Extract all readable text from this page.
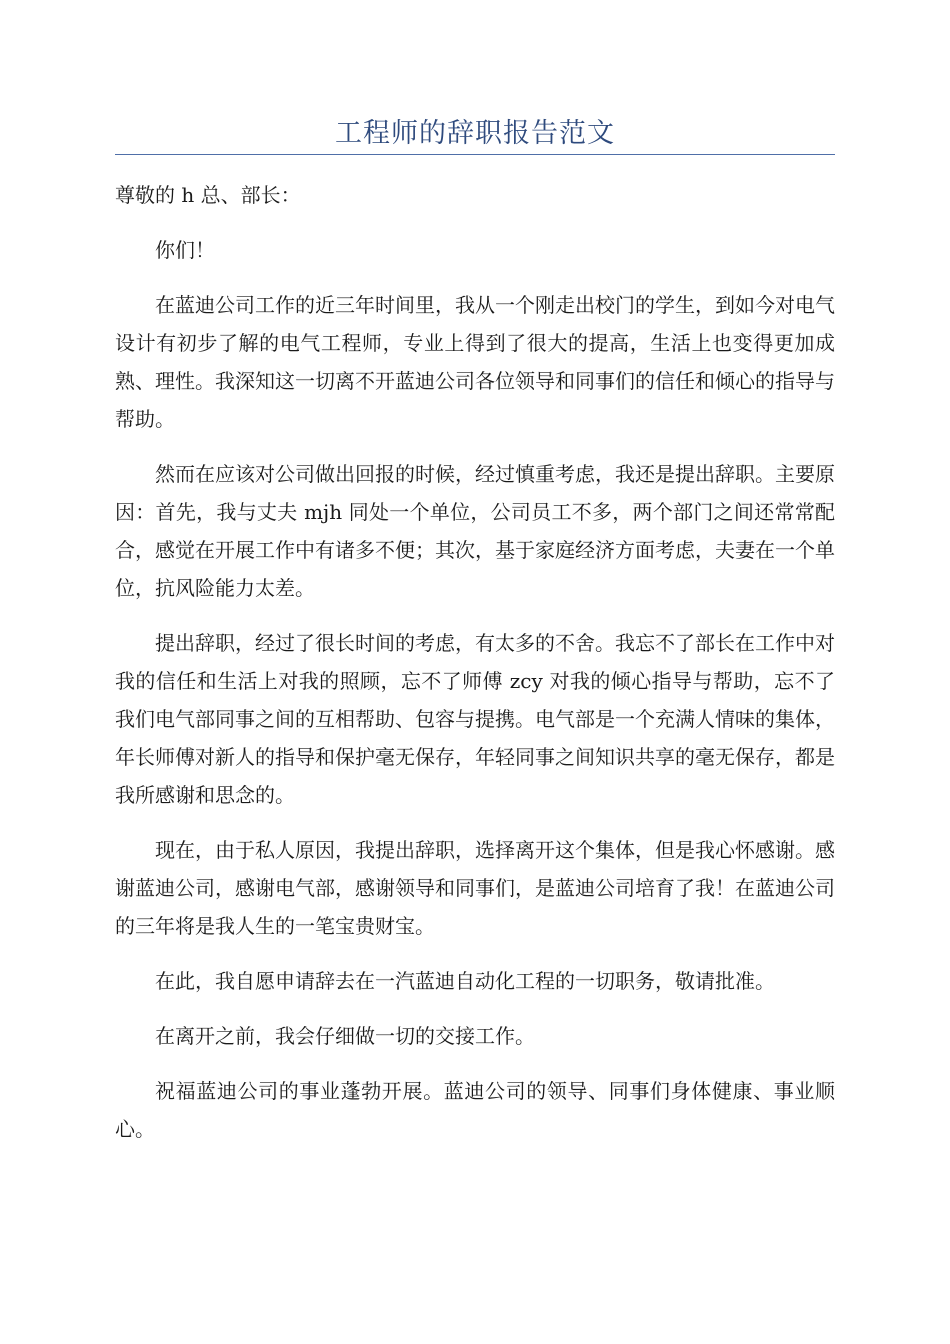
工程师的辞职报告范文

尊敬的 h 总、部长：

你们！

在蓝迪公司工作的近三年时间里，我从一个刚走出校门的学生，到如今对电气设计有初步了解的电气工程师，专业上得到了很大的提高，生活上也变得更加成熟、理性。我深知这一切离不开蓝迪公司各位领导和同事们的信任和倾心的指导与帮助。

然而在应该对公司做出回报的时候，经过慎重考虑，我还是提出辞职。主要原因：首先，我与丈夫 mjh 同处一个单位，公司员工不多，两个部门之间还常常配合，感觉在开展工作中有诸多不便；其次，基于家庭经济方面考虑，夫妻在一个单位，抗风险能力太差。

提出辞职，经过了很长时间的考虑，有太多的不舍。我忘不了部长在工作中对我的信任和生活上对我的照顾，忘不了师傅 zcy 对我的倾心指导与帮助，忘不了我们电气部同事之间的互相帮助、包容与提携。电气部是一个充满人情味的集体，年长师傅对新人的指导和保护毫无保存，年轻同事之间知识共享的毫无保存，都是我所感谢和思念的。

现在，由于私人原因，我提出辞职，选择离开这个集体，但是我心怀感谢。感谢蓝迪公司，感谢电气部，感谢领导和同事们，是蓝迪公司培育了我！在蓝迪公司的三年将是我人生的一笔宝贵财宝。

在此，我自愿申请辞去在一汽蓝迪自动化工程的一切职务，敬请批准。

在离开之前，我会仔细做一切的交接工作。

祝福蓝迪公司的事业蓬勃开展。蓝迪公司的领导、同事们身体健康、事业顺心。
